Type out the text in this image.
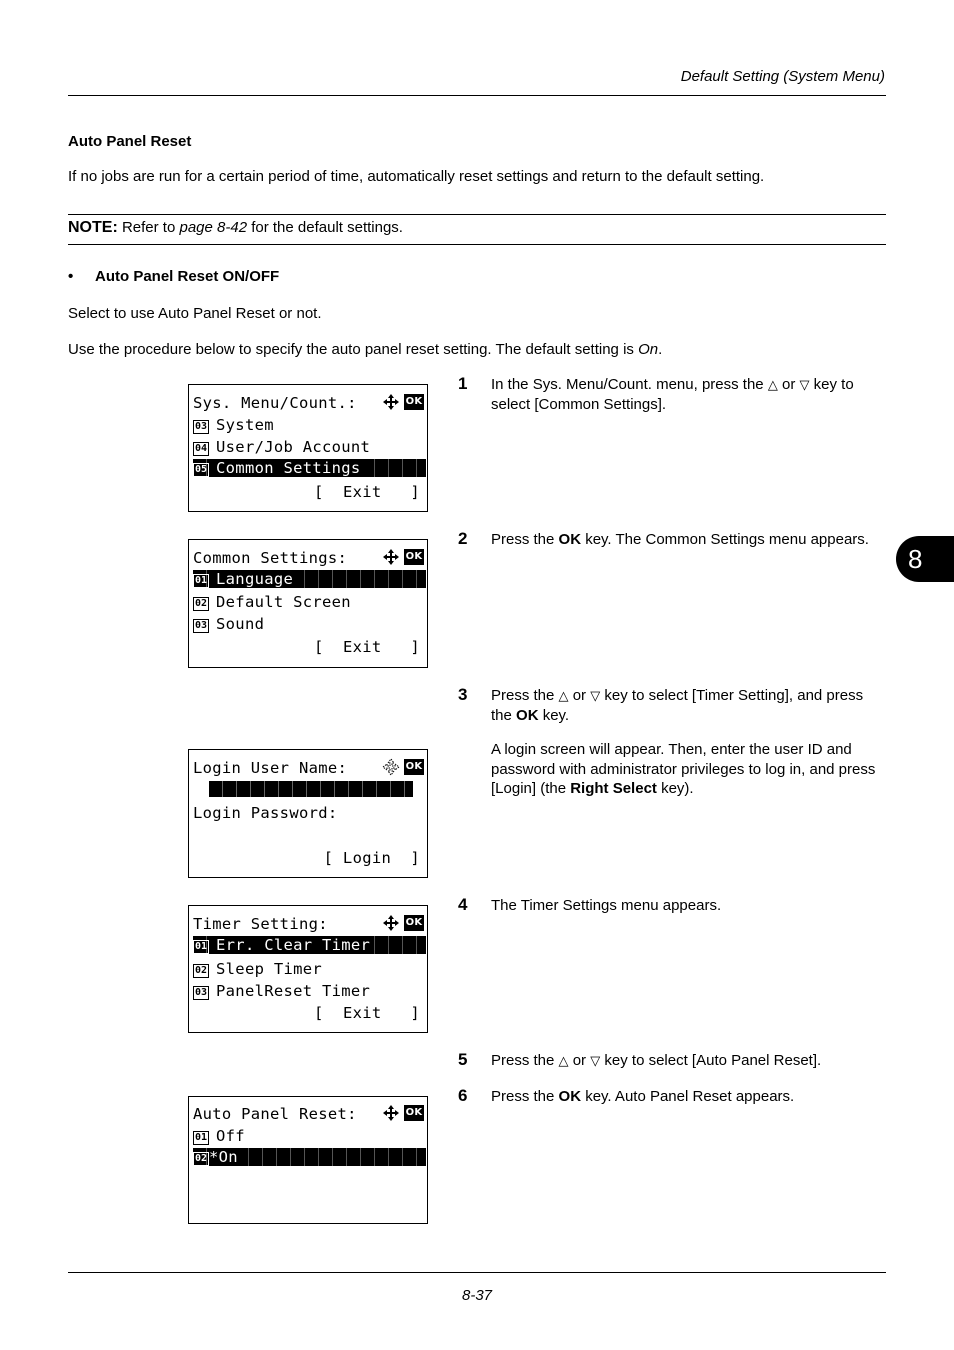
Default Setting (System Menu)
Auto Panel Reset
If no jobs are run for a certain period of time, automatically reset settings and return to the default setting.
NOTE: Refer to page 8-42 for the default settings.
• Auto Panel Reset ON/OFF
Select to use Auto Panel Reset or not.
Use the procedure below to specify the auto panel reset setting. The default setting is On.
Sys. Menu/Count.:	OK
03 System
04 User/Job Account
05 Common Settings
[  Exit   ]
Common Settings:	OK
01 Language
02 Default Screen
03 Sound
[  Exit   ]
Login User Name:	OK
Login Password:
[ Login  ]
Timer Setting:	OK
01 Err. Clear Timer
02 Sleep Timer
03 PanelReset Timer
[  Exit   ]
Auto Panel Reset:	OK
01 Off
02 *On
1 In the Sys. Menu/Count. menu, press the △ or ▽ key to select [Common Settings].
2 Press the OK key. The Common Settings menu appears.
3 Press the △ or ▽ key to select [Timer Setting], and press the OK key.
A login screen will appear. Then, enter the user ID and password with administrator privileges to log in, and press [Login] (the Right Select key).
4 The Timer Settings menu appears.
5 Press the △ or ▽ key to select [Auto Panel Reset].
6 Press the OK key. Auto Panel Reset appears.
8
8-37
